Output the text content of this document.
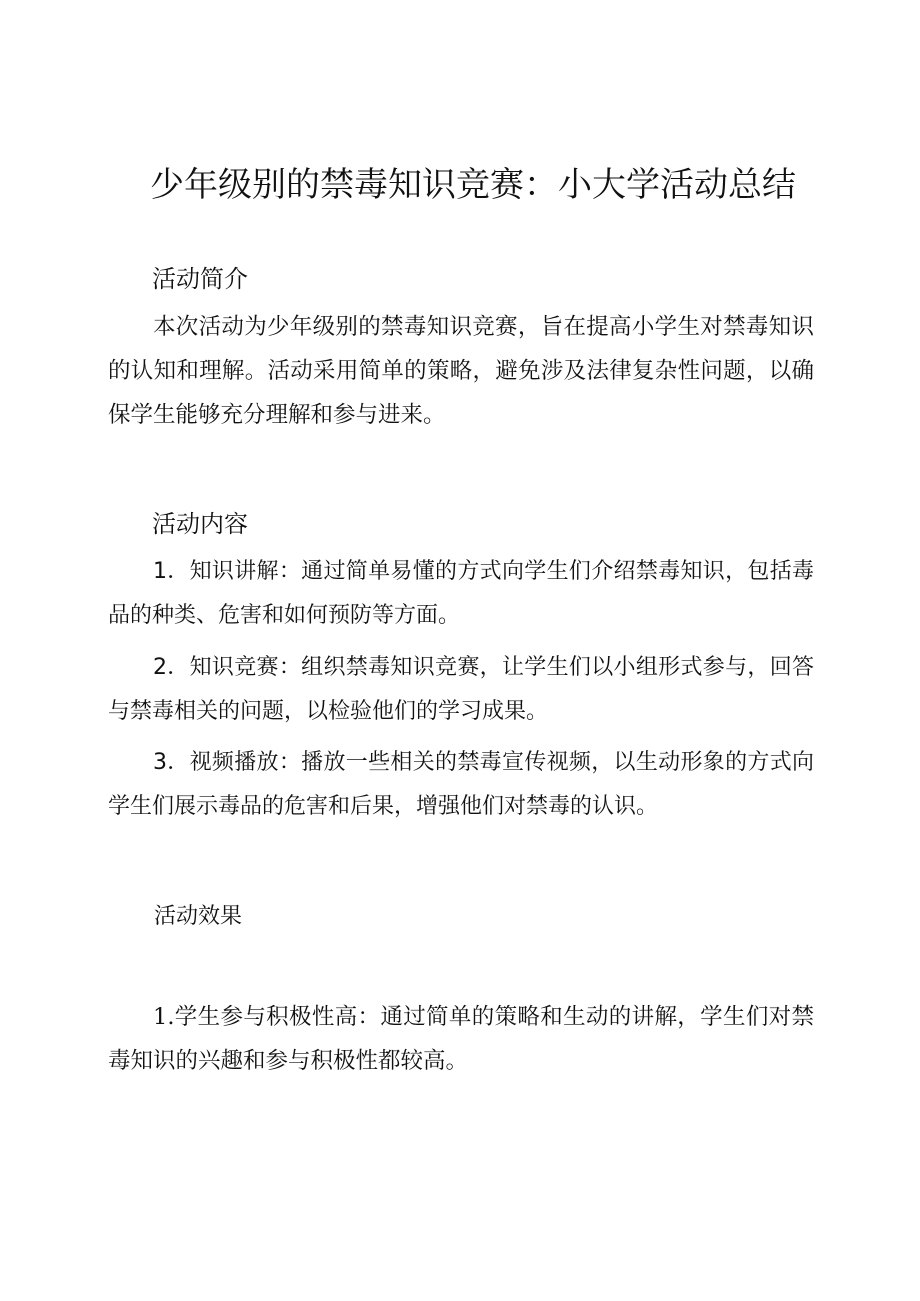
少年级别的禁毒知识竞赛：小大学活动总结
活动简介

本次活动为少年级别的禁毒知识竞赛，旨在提高小学生对禁毒知识的认知和理解。活动采用简单的策略，避免涉及法律复杂性问题，以确保学生能够充分理解和参与进来。

活动内容

1．知识讲解：通过简单易懂的方式向学生们介绍禁毒知识，包括毒品的种类、危害和如何预防等方面。

2．知识竞赛：组织禁毒知识竞赛，让学生们以小组形式参与，回答与禁毒相关的问题，以检验他们的学习成果。

3．视频播放：播放一些相关的禁毒宣传视频，以生动形象的方式向学生们展示毒品的危害和后果，增强他们对禁毒的认识。

活动效果

1.学生参与积极性高：通过简单的策略和生动的讲解，学生们对禁毒知识的兴趣和参与积极性都较高。
